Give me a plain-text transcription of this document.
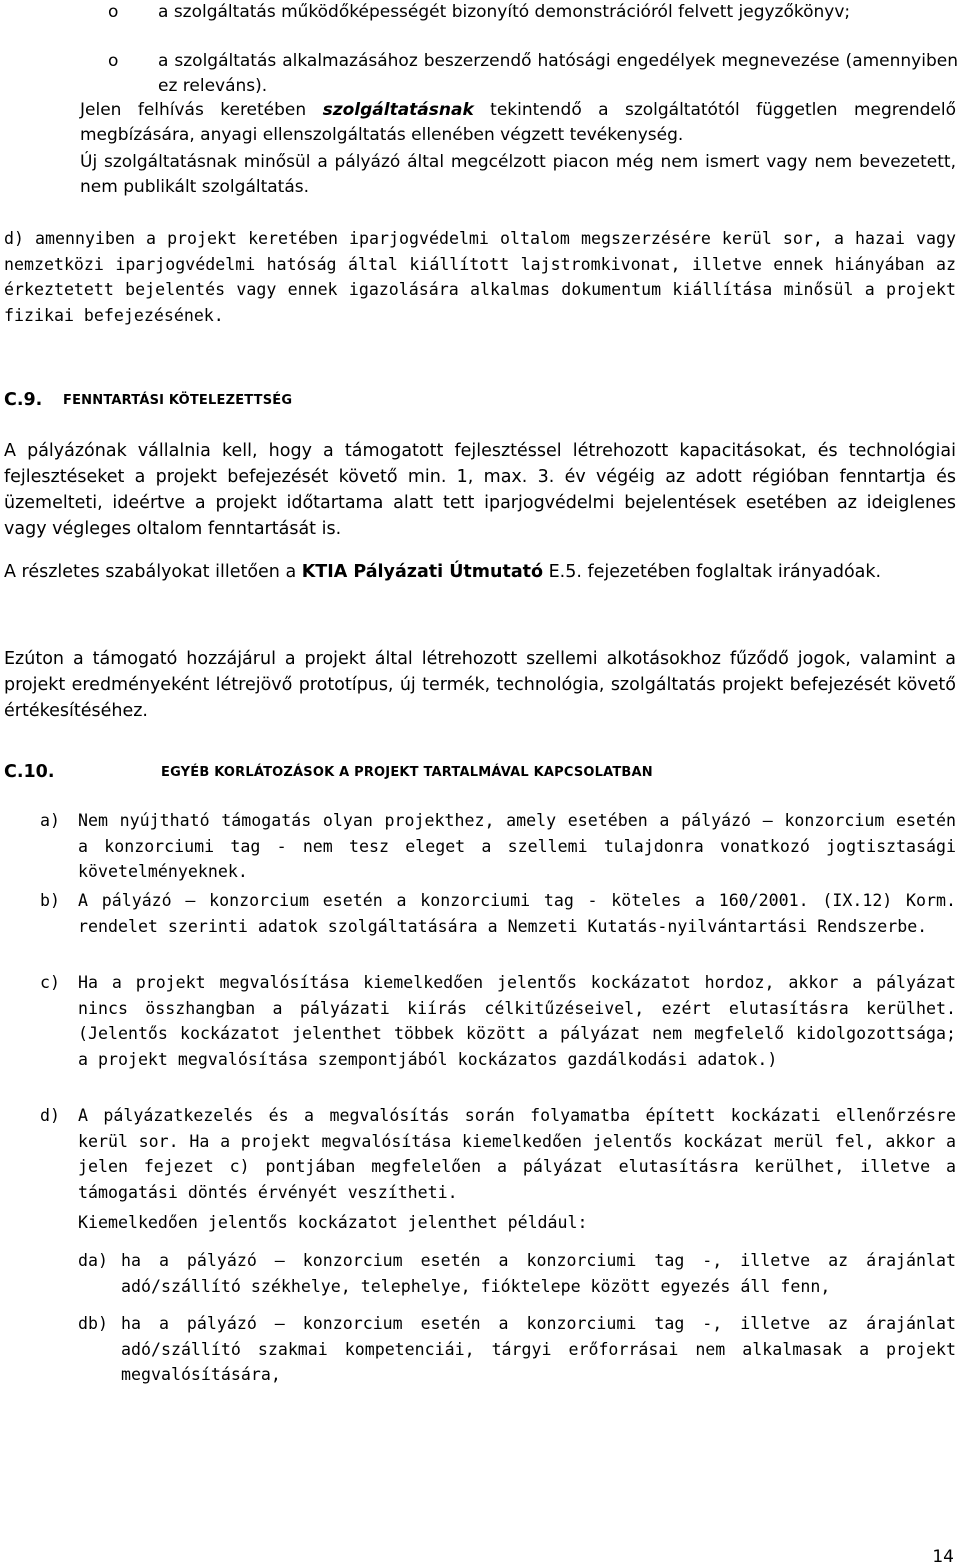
o a szolgáltatás működőképességét bizonyító demonstrációról felvett jegyzőkönyv;
o a szolgáltatás alkalmazásához beszerzendő hatósági engedélyek megnevezése (amennyiben ez releváns).
Jelen felhívás keretében szolgáltatásnak tekintendő a szolgáltatótól független megrendelő megbízására, anyagi ellenszolgáltatás ellenében végzett tevékenység.
Új szolgáltatásnak minősül a pályázó által megcélzott piacon még nem ismert vagy nem bevezetett, nem publikált szolgáltatás.
d) amennyiben a projekt keretében iparjogvédelmi oltalom megszerzésére kerül sor, a hazai vagy nemzetközi iparjogvédelmi hatóság által kiállított lajstromkivonat, illetve ennek hiányában az érkeztetett bejelentés vagy ennek igazolására alkalmas dokumentum kiállítása minősül a projekt fizikai befejezésének.
C.9. FENNTARTÁSI KÖTELEZETTSÉG
A pályázónak vállalnia kell, hogy a támogatott fejlesztéssel létrehozott kapacitásokat, és technológiai fejlesztéseket a projekt befejezését követő min. 1, max. 3. év végéig az adott régióban fenntartja és üzemelteti, ideértve a projekt időtartama alatt tett iparjogvédelmi bejelentések esetében az ideiglenes vagy végleges oltalom fenntartását is.
A részletes szabályokat illetően a KTIA Pályázati Útmutató E.5. fejezetében foglaltak irányadóak.
Ezúton a támogató hozzájárul a projekt által létrehozott szellemi alkotásokhoz fűződő jogok, valamint a projekt eredményeként létrejövő prototípus, új termék, technológia, szolgáltatás projekt befejezését követő értékesítéséhez.
C.10.	EGYÉB KORLÁTOZÁSOK A PROJEKT TARTALMÁVAL KAPCSOLATBAN
a) Nem nyújtható támogatás olyan projekthez, amely esetében a pályázó – konzorcium esetén a konzorciumi tag - nem tesz eleget a szellemi tulajdonra vonatkozó jogtisztasági követelményeknek.
b) A pályázó – konzorcium esetén a konzorciumi tag - köteles a 160/2001. (IX.12) Korm. rendelet szerinti adatok szolgáltatására a Nemzeti Kutatás-nyilvántartási Rendszerbe.
c) Ha a projekt megvalósítása kiemelkedően jelentős kockázatot hordoz, akkor a pályázat nincs összhangban a pályázati kiírás célkitűzéseivel, ezért elutasításra kerülhet. (Jelentős kockázatot jelenthet többek között a pályázat nem megfelelő kidolgozottsága; a projekt megvalósítása szempontjából kockázatos gazdálkodási adatok.)
d) A pályázatkezelés és a megvalósítás során folyamatba épített kockázati ellenőrzésre kerül sor. Ha a projekt megvalósítása kiemelkedően jelentős kockázat merül fel, akkor a jelen fejezet c) pontjában megfelelően a pályázat elutasításra kerülhet, illetve a támogatási döntés érvényét veszítheti.
Kiemelkedően jelentős kockázatot jelenthet például:
da) ha a pályázó – konzorcium esetén a konzorciumi tag -, illetve az árajánlat adó/szállító székhelye, telephelye, fióktelepe között egyezés áll fenn,
db) ha a pályázó – konzorcium esetén a konzorciumi tag -, illetve az árajánlat adó/szállító szakmai kompetenciái, tárgyi erőforrásai nem alkalmasak a projekt megvalósítására,
14
